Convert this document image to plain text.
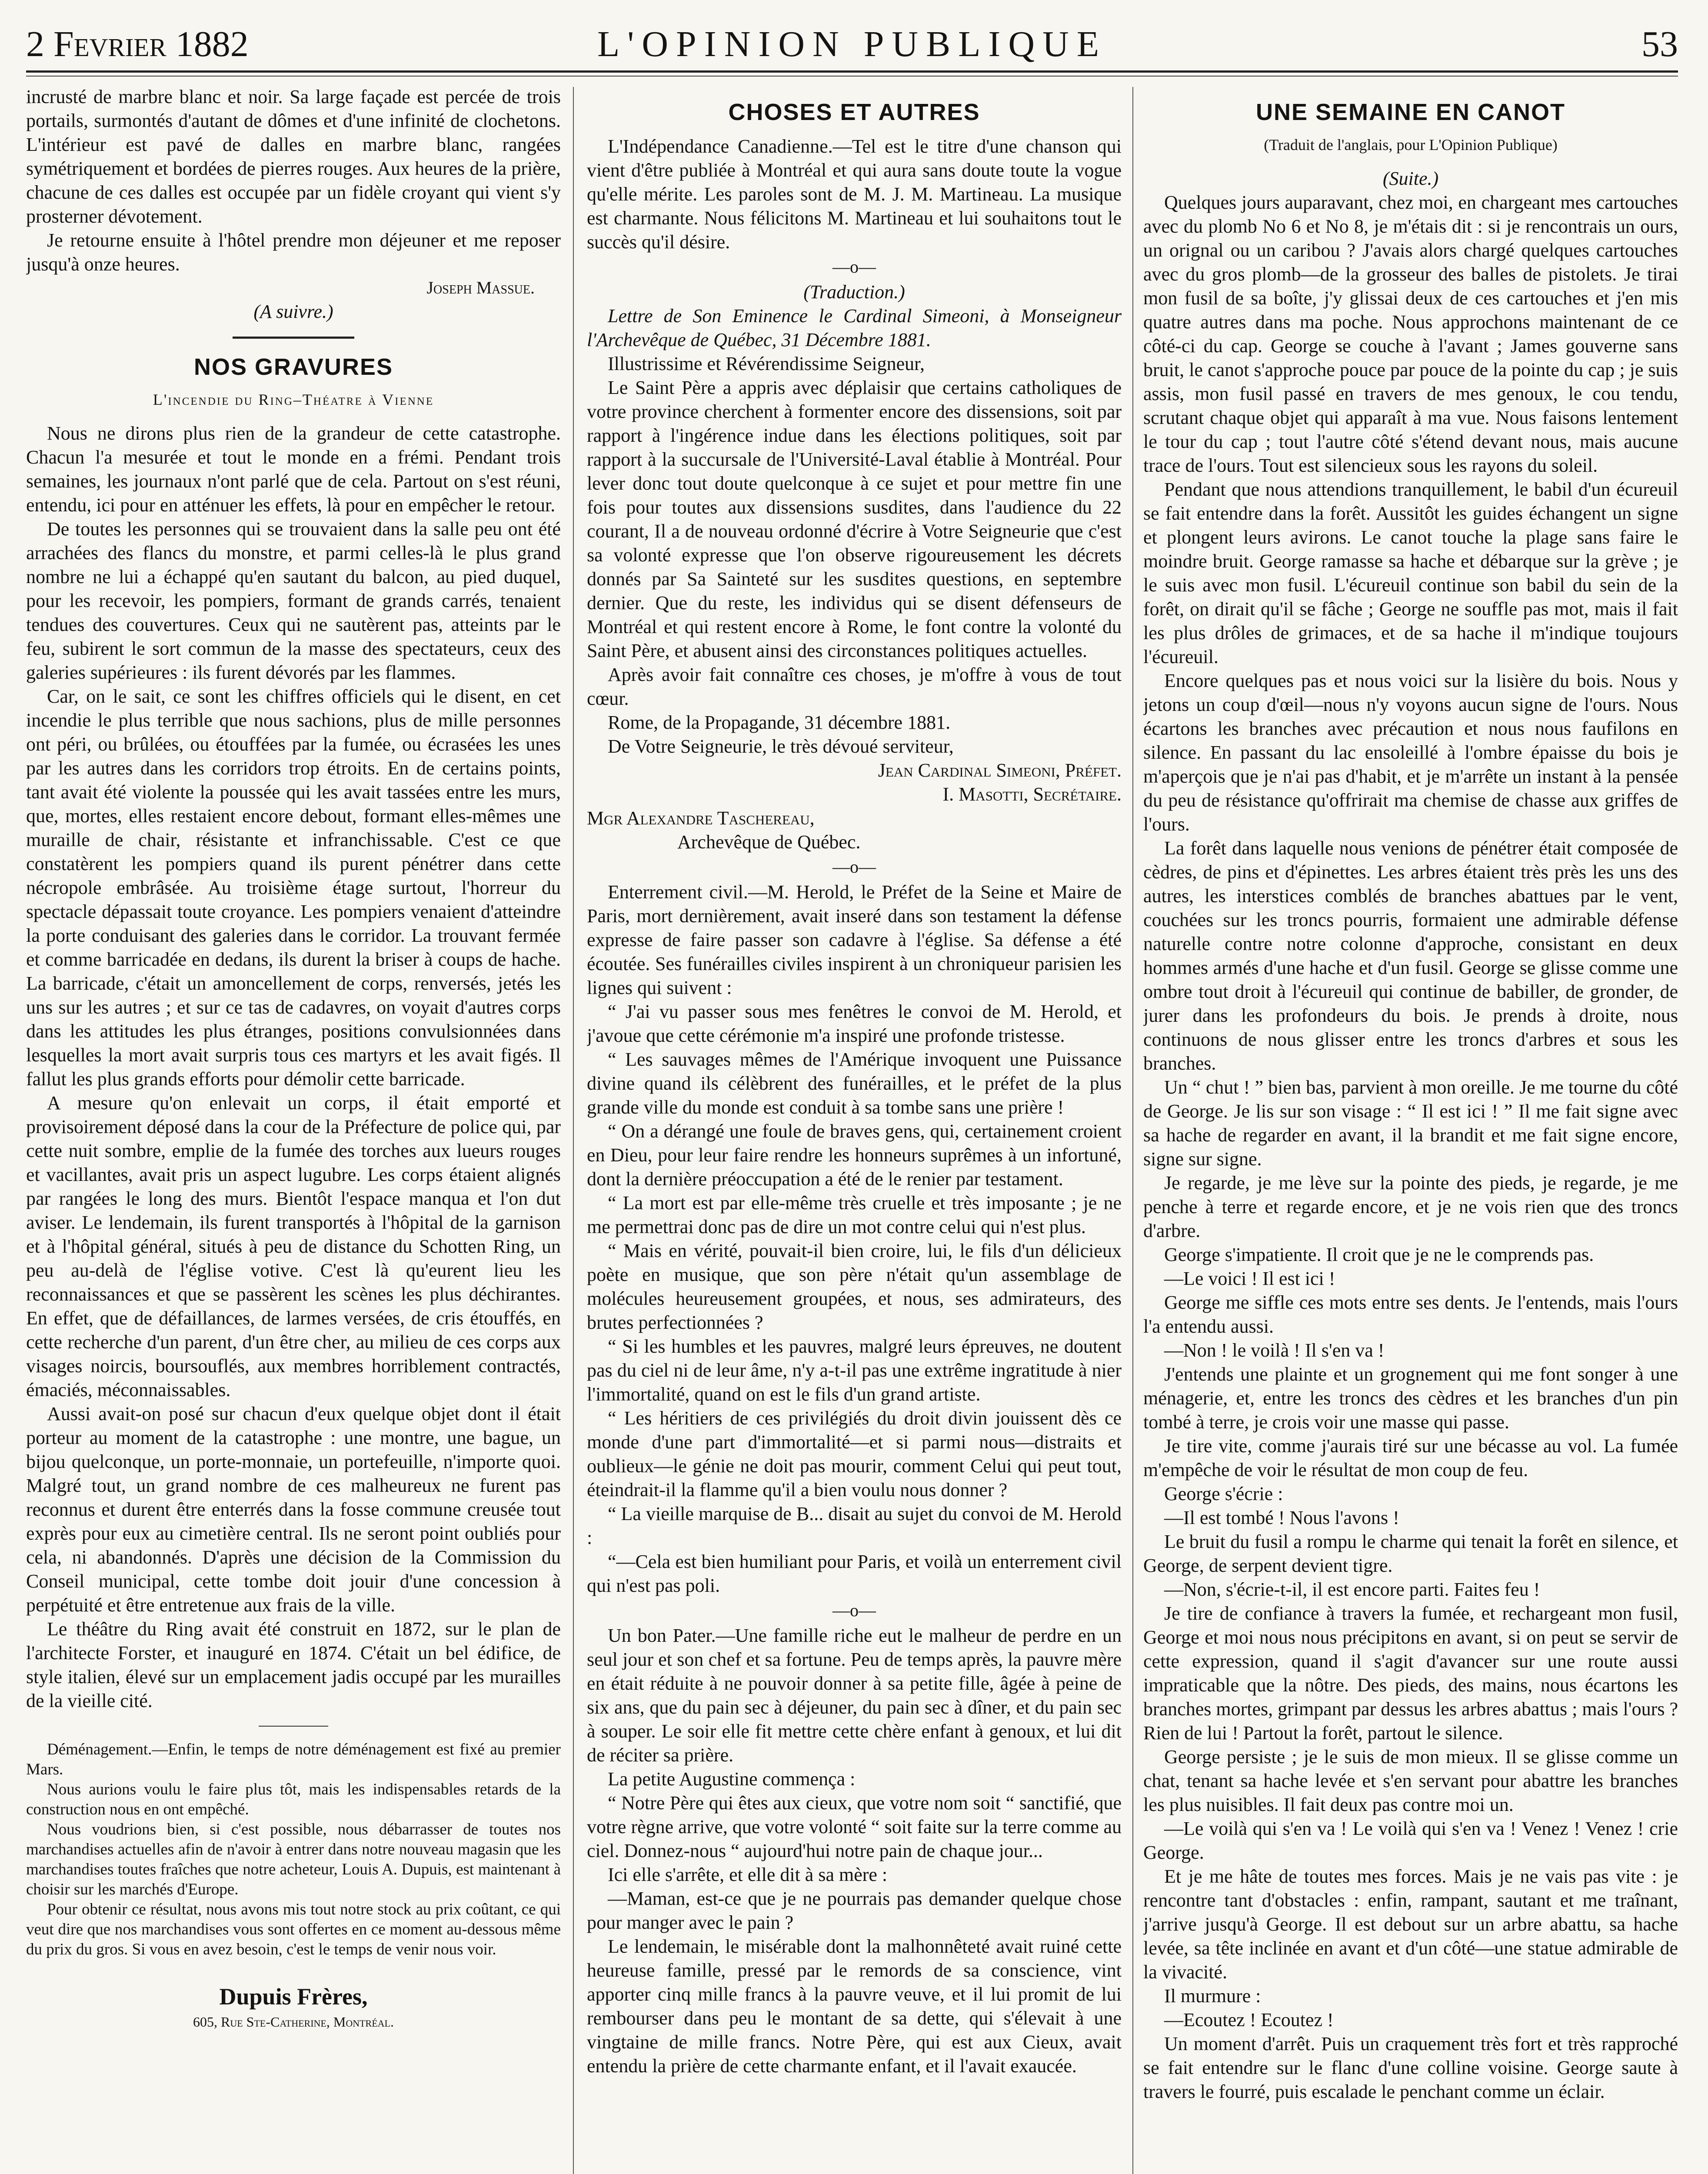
2 Fevrier 1882	L'OPINION PUBLIQUE	53

incrusté de marbre blanc et noir. Sa large façade est percée de trois portails, surmontés d'autant de dômes et d'une infinité de clochetons. L'intérieur est pavé de dalles en marbre blanc, rangées symétriquement et bordées de pierres rouges. Aux heures de la prière, chacune de ces dalles est occupée par un fidèle croyant qui vient s'y prosterner dévotement.

Je retourne ensuite à l'hôtel prendre mon déjeuner et me reposer jusqu'à onze heures.

Joseph Massue.

(A suivre.)

NOS GRAVURES
L'incendie du Ring–Théatre à Vienne

Nous ne dirons plus rien de la grandeur de cette catastrophe. Chacun l'a mesurée et tout le monde en a frémi. Pendant trois semaines, les journaux n'ont parlé que de cela. Partout on s'est réuni, entendu, ici pour en atténuer les effets, là pour en empêcher le retour.

De toutes les personnes qui se trouvaient dans la salle peu ont été arrachées des flancs du monstre, et parmi celles-là le plus grand nombre ne lui a échappé qu'en sautant du balcon, au pied duquel, pour les recevoir, les pompiers, formant de grands carrés, tenaient tendues des couvertures. Ceux qui ne sautèrent pas, atteints par le feu, subirent le sort commun de la masse des spectateurs, ceux des galeries supérieures : ils furent dévorés par les flammes.

Car, on le sait, ce sont les chiffres officiels qui le disent, en cet incendie le plus terrible que nous sachions, plus de mille personnes ont péri, ou brûlées, ou étouffées par la fumée, ou écrasées les unes par les autres dans les corridors trop étroits. En de certains points, tant avait été violente la poussée qui les avait tassées entre les murs, que, mortes, elles restaient encore debout, formant elles-mêmes une muraille de chair, résistante et infranchissable. C'est ce que constatèrent les pompiers quand ils purent pénétrer dans cette nécropole embrâsée. Au troisième étage surtout, l'horreur du spectacle dépassait toute croyance. Les pompiers venaient d'atteindre la porte conduisant des galeries dans le corridor. La trouvant fermée et comme barricadée en dedans, ils durent la briser à coups de hache. La barricade, c'était un amoncellement de corps, renversés, jetés les uns sur les autres ; et sur ce tas de cadavres, on voyait d'autres corps dans les attitudes les plus étranges, positions convulsionnées dans lesquelles la mort avait surpris tous ces martyrs et les avait figés. Il fallut les plus grands efforts pour démolir cette barricade.

A mesure qu'on enlevait un corps, il était emporté et provisoirement déposé dans la cour de la Préfecture de police qui, par cette nuit sombre, emplie de la fumée des torches aux lueurs rouges et vacillantes, avait pris un aspect lugubre. Les corps étaient alignés par rangées le long des murs. Bientôt l'espace manqua et l'on dut aviser. Le lendemain, ils furent transportés à l'hôpital de la garnison et à l'hôpital général, situés à peu de distance du Schotten Ring, un peu au-delà de l'église votive. C'est là qu'eurent lieu les reconnaissances et que se passèrent les scènes les plus déchirantes. En effet, que de défaillances, de larmes versées, de cris étouffés, en cette recherche d'un parent, d'un être cher, au milieu de ces corps aux visages noircis, boursouflés, aux membres horriblement contractés, émaciés, méconnaissables.

Aussi avait-on posé sur chacun d'eux quelque objet dont il était porteur au moment de la catastrophe : une montre, une bague, un bijou quelconque, un porte-monnaie, un portefeuille, n'importe quoi. Malgré tout, un grand nombre de ces malheureux ne furent pas reconnus et durent être enterrés dans la fosse commune creusée tout exprès pour eux au cimetière central. Ils ne seront point oubliés pour cela, ni abandonnés. D'après une décision de la Commission du Conseil municipal, cette tombe doit jouir d'une concession à perpétuité et être entretenue aux frais de la ville.

Le théâtre du Ring avait été construit en 1872, sur le plan de l'architecte Forster, et inauguré en 1874. C'était un bel édifice, de style italien, élevé sur un emplacement jadis occupé par les murailles de la vieille cité.

Déménagement.—Enfin, le temps de notre déménagement est fixé au premier Mars.

Nous aurions voulu le faire plus tôt, mais les indispensables retards de la construction nous en ont empêché.

Nous voudrions bien, si c'est possible, nous débarrasser de toutes nos marchandises actuelles afin de n'avoir à entrer dans notre nouveau magasin que les marchandises toutes fraîches que notre acheteur, Louis A. Dupuis, est maintenant à choisir sur les marchés d'Europe.

Pour obtenir ce résultat, nous avons mis tout notre stock au prix coûtant, ce qui veut dire que nos marchandises vous sont offertes en ce moment au-dessous même du prix du gros. Si vous en avez besoin, c'est le temps de venir nous voir.

Dupuis Frères,
605, Rue Ste-Catherine, Montréal.
CHOSES ET AUTRES

L'Indépendance Canadienne.—Tel est le titre d'une chanson qui vient d'être publiée à Montréal et qui aura sans doute toute la vogue qu'elle mérite. Les paroles sont de M. J. M. Martineau. La musique est charmante. Nous félicitons M. Martineau et lui souhaitons tout le succès qu'il désire.

—o—

(Traduction.)

Lettre de Son Eminence le Cardinal Simeoni, à Monseigneur l'Archevêque de Québec, 31 Décembre 1881.

Illustrissime et Révérendissime Seigneur,

Le Saint Père a appris avec déplaisir que certains catholiques de votre province cherchent à formenter encore des dissensions, soit par rapport à l'ingérence indue dans les élections politiques, soit par rapport à la succursale de l'Université-Laval établie à Montréal. Pour lever donc tout doute quelconque à ce sujet et pour mettre fin une fois pour toutes aux dissensions susdites, dans l'audience du 22 courant, Il a de nouveau ordonné d'écrire à Votre Seigneurie que c'est sa volonté expresse que l'on observe rigoureusement les décrets donnés par Sa Sainteté sur les susdites questions, en septembre dernier. Que du reste, les individus qui se disent défenseurs de Montréal et qui restent encore à Rome, le font contre la volonté du Saint Père, et abusent ainsi des circonstances politiques actuelles.

Après avoir fait connaître ces choses, je m'offre à vous de tout cœur.

Rome, de la Propagande, 31 décembre 1881.

De Votre Seigneurie, le très dévoué serviteur,

Jean Cardinal Simeoni, Préfet.
I. Masotti, Secrétaire.

Mgr Alexandre Taschereau,

Archevêque de Québec.

—o—

Enterrement civil.—M. Herold, le Préfet de la Seine et Maire de Paris, mort dernièrement, avait inseré dans son testament la défense expresse de faire passer son cadavre à l'église. Sa défense a été écoutée. Ses funérailles civiles inspirent à un chroniqueur parisien les lignes qui suivent :

“ J'ai vu passer sous mes fenêtres le convoi de M. Herold, et j'avoue que cette cérémonie m'a inspiré une profonde tristesse.

“ Les sauvages mêmes de l'Amérique invoquent une Puissance divine quand ils célèbrent des funérailles, et le préfet de la plus grande ville du monde est conduit à sa tombe sans une prière !

“ On a dérangé une foule de braves gens, qui, certainement croient en Dieu, pour leur faire rendre les honneurs suprêmes à un infortuné, dont la dernière préoccupation a été de le renier par testament.

“ La mort est par elle-même très cruelle et très imposante ; je ne me permettrai donc pas de dire un mot contre celui qui n'est plus.

“ Mais en vérité, pouvait-il bien croire, lui, le fils d'un délicieux poète en musique, que son père n'était qu'un assemblage de molécules heureusement groupées, et nous, ses admirateurs, des brutes perfectionnées ?

“ Si les humbles et les pauvres, malgré leurs épreuves, ne doutent pas du ciel ni de leur âme, n'y a-t-il pas une extrême ingratitude à nier l'immortalité, quand on est le fils d'un grand artiste.

“ Les héritiers de ces privilégiés du droit divin jouissent dès ce monde d'une part d'immortalité—et si parmi nous—distraits et oublieux—le génie ne doit pas mourir, comment Celui qui peut tout, éteindrait-il la flamme qu'il a bien voulu nous donner ?

“ La vieille marquise de B... disait au sujet du convoi de M. Herold :

“—Cela est bien humiliant pour Paris, et voilà un enterrement civil qui n'est pas poli.

—o—

Un bon Pater.—Une famille riche eut le malheur de perdre en un seul jour et son chef et sa fortune. Peu de temps après, la pauvre mère en était réduite à ne pouvoir donner à sa petite fille, âgée à peine de six ans, que du pain sec à déjeuner, du pain sec à dîner, et du pain sec à souper. Le soir elle fit mettre cette chère enfant à genoux, et lui dit de réciter sa prière.

La petite Augustine commença :

“ Notre Père qui êtes aux cieux, que votre nom soit “ sanctifié, que votre règne arrive, que votre volonté “ soit faite sur la terre comme au ciel. Donnez-nous “ aujourd'hui notre pain de chaque jour...

Ici elle s'arrête, et elle dit à sa mère :

—Maman, est-ce que je ne pourrais pas demander quelque chose pour manger avec le pain ?

Le lendemain, le misérable dont la malhonnêteté avait ruiné cette heureuse famille, pressé par le remords de sa conscience, vint apporter cinq mille francs à la pauvre veuve, et il lui promit de lui rembourser dans peu le montant de sa dette, qui s'élevait à une vingtaine de mille francs. Notre Père, qui est aux Cieux, avait entendu la prière de cette charmante enfant, et il l'avait exaucée.

UNE SEMAINE EN CANOT
(Traduit de l'anglais, pour L'Opinion Publique)

(Suite.)

Quelques jours auparavant, chez moi, en chargeant mes cartouches avec du plomb No 6 et No 8, je m'étais dit : si je rencontrais un ours, un orignal ou un caribou ? J'avais alors chargé quelques cartouches avec du gros plomb—de la grosseur des balles de pistolets. Je tirai mon fusil de sa boîte, j'y glissai deux de ces cartouches et j'en mis quatre autres dans ma poche. Nous approchons maintenant de ce côté-ci du cap. George se couche à l'avant ; James gouverne sans bruit, le canot s'approche pouce par pouce de la pointe du cap ; je suis assis, mon fusil passé en travers de mes genoux, le cou tendu, scrutant chaque objet qui apparaît à ma vue. Nous faisons lentement le tour du cap ; tout l'autre côté s'étend devant nous, mais aucune trace de l'ours. Tout est silencieux sous les rayons du soleil.

Pendant que nous attendions tranquillement, le babil d'un écureuil se fait entendre dans la forêt. Aussitôt les guides échangent un signe et plongent leurs avirons. Le canot touche la plage sans faire le moindre bruit. George ramasse sa hache et débarque sur la grève ; je le suis avec mon fusil. L'écureuil continue son babil du sein de la forêt, on dirait qu'il se fâche ; George ne souffle pas mot, mais il fait les plus drôles de grimaces, et de sa hache il m'indique toujours l'écureuil.

Encore quelques pas et nous voici sur la lisière du bois. Nous y jetons un coup d'œil—nous n'y voyons aucun signe de l'ours. Nous écartons les branches avec précaution et nous nous faufilons en silence. En passant du lac ensoleillé à l'ombre épaisse du bois je m'aperçois que je n'ai pas d'habit, et je m'arrête un instant à la pensée du peu de résistance qu'offrirait ma chemise de chasse aux griffes de l'ours.

La forêt dans laquelle nous venions de pénétrer était composée de cèdres, de pins et d'épinettes. Les arbres étaient très près les uns des autres, les interstices comblés de branches abattues par le vent, couchées sur les troncs pourris, formaient une admirable défense naturelle contre notre colonne d'approche, consistant en deux hommes armés d'une hache et d'un fusil. George se glisse comme une ombre tout droit à l'écureuil qui continue de babiller, de gronder, de jurer dans les profondeurs du bois. Je prends à droite, nous continuons de nous glisser entre les troncs d'arbres et sous les branches.

Un “ chut ! ” bien bas, parvient à mon oreille. Je me tourne du côté de George. Je lis sur son visage : “ Il est ici ! ” Il me fait signe avec sa hache de regarder en avant, il la brandit et me fait signe encore, signe sur signe.

Je regarde, je me lève sur la pointe des pieds, je regarde, je me penche à terre et regarde encore, et je ne vois rien que des troncs d'arbre.

George s'impatiente. Il croit que je ne le comprends pas.

—Le voici ! Il est ici !

George me siffle ces mots entre ses dents. Je l'entends, mais l'ours l'a entendu aussi.

—Non ! le voilà ! Il s'en va !

J'entends une plainte et un grognement qui me font songer à une ménagerie, et, entre les troncs des cèdres et les branches d'un pin tombé à terre, je crois voir une masse qui passe.

Je tire vite, comme j'aurais tiré sur une bécasse au vol. La fumée m'empêche de voir le résultat de mon coup de feu.

George s'écrie :

—Il est tombé ! Nous l'avons !

Le bruit du fusil a rompu le charme qui tenait la forêt en silence, et George, de serpent devient tigre.

—Non, s'écrie-t-il, il est encore parti. Faites feu !

Je tire de confiance à travers la fumée, et rechargeant mon fusil, George et moi nous nous précipitons en avant, si on peut se servir de cette expression, quand il s'agit d'avancer sur une route aussi impraticable que la nôtre. Des pieds, des mains, nous écartons les branches mortes, grimpant par dessus les arbres abattus ; mais l'ours ? Rien de lui ! Partout la forêt, partout le silence.

George persiste ; je le suis de mon mieux. Il se glisse comme un chat, tenant sa hache levée et s'en servant pour abattre les branches les plus nuisibles. Il fait deux pas contre moi un.

—Le voilà qui s'en va ! Le voilà qui s'en va ! Venez ! Venez ! crie George.

Et je me hâte de toutes mes forces. Mais je ne vais pas vite : je rencontre tant d'obstacles : enfin, rampant, sautant et me traînant, j'arrive jusqu'à George. Il est debout sur un arbre abattu, sa hache levée, sa tête inclinée en avant et d'un côté—une statue admirable de la vivacité.

Il murmure :

—Ecoutez ! Ecoutez !

Un moment d'arrêt. Puis un craquement très fort et très rapproché se fait entendre sur le flanc d'une colline voisine. George saute à travers le fourré, puis escalade le penchant comme un éclair.
